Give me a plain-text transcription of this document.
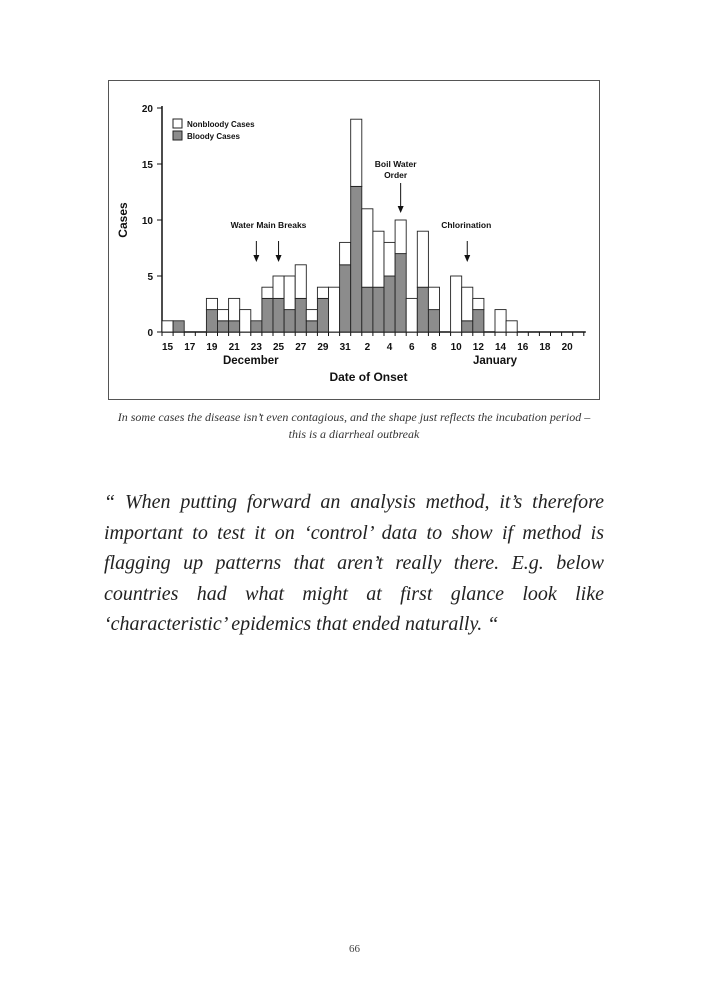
0
5
10
15
20
15 17 19 21 23 25 27 29 31 2 4 6 8 10 12 14 16 18 20
December	January
Date of Onset
Cases
Nonbloody Cases
Bloody Cases
Water Main Breaks
Boil Water
Order
Chlorination
In some cases the disease isn’t even contagious, and the shape just reflects the incubation period – this is a diarrheal outbreak

“ When putting forward an analysis method, it’s therefore important to test it on ‘control’ data to show if method is flagging up patterns that aren’t really there. E.g. below countries had what might at first glance look like ‘characteristic’ epidemics that ended naturally. “

66
